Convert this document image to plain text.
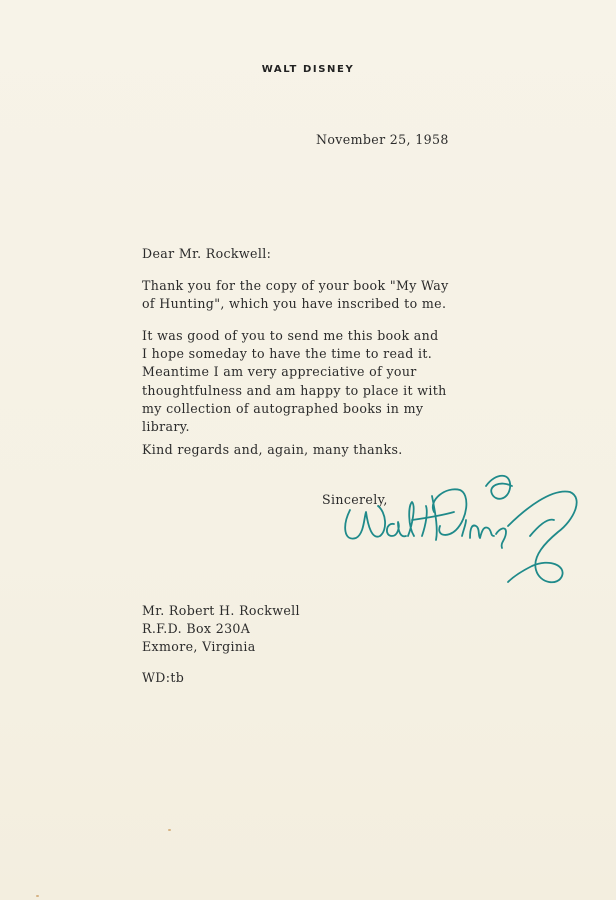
WALT DISNEY
November 25, 1958
Dear Mr. Rockwell:
Thank you for the copy of your book "My Way
of Hunting", which you have inscribed to me.
It was good of you to send me this book and
I hope someday to have the time to read it.
Meantime I am very appreciative of your
thoughtfulness and am happy to place it with
my collection of autographed books in my
library.
Kind regards and, again, many thanks.
Sincerely,
Mr. Robert H. Rockwell
R.F.D. Box 230A
Exmore, Virginia
WD:tb
